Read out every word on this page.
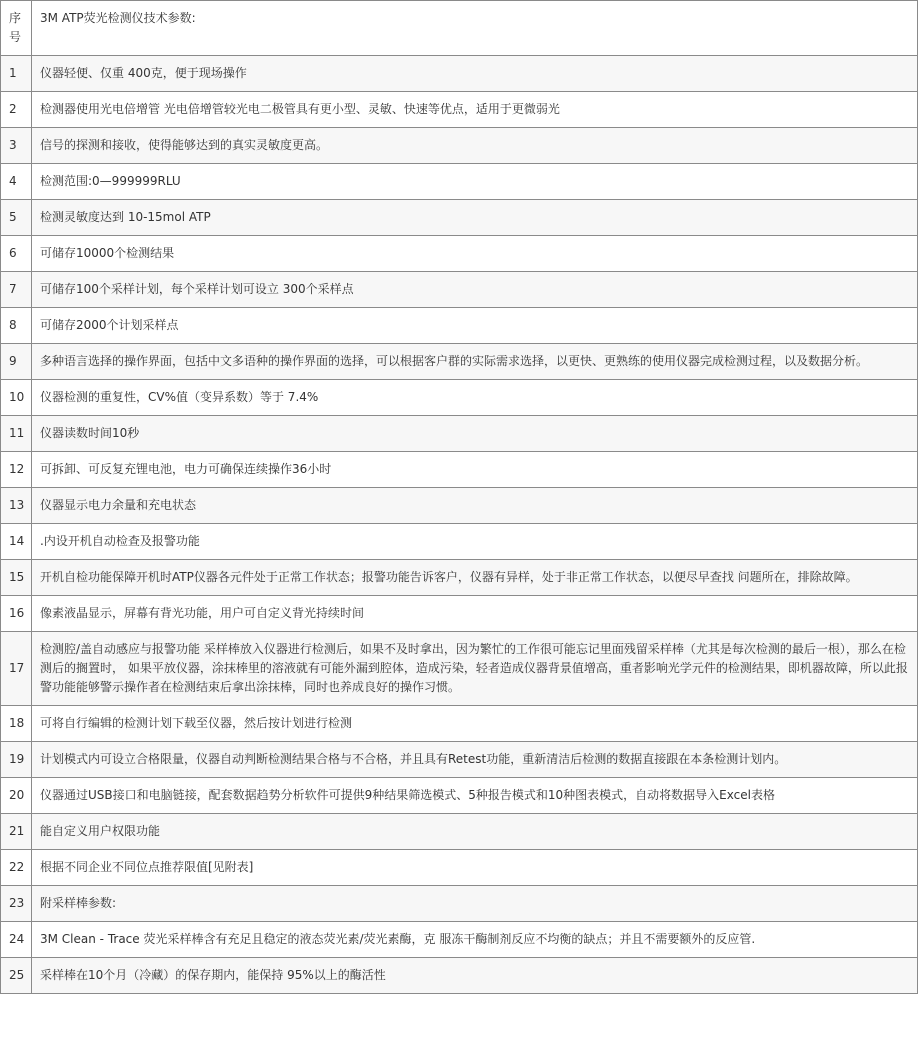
序号	3M ATP荧光检测仪技术参数:
1	仪器轻便、仅重 400克，便于现场操作
2	检测器使用光电倍增管 光电倍增管较光电二极管具有更小型、灵敏、快速等优点，适用于更微弱光
3	信号的探测和接收，使得能够达到的真实灵敏度更高。
4	检测范围:0—999999RLU
5	检测灵敏度达到 10-15mol ATP
6	可储存10000个检测结果
7	可储存100个采样计划，每个采样计划可设立 300个采样点
8	可储存2000个计划采样点
9	多种语言选择的操作界面，包括中文多语种的操作界面的选择，可以根据客户群的实际需求选择，以更快、更熟练的使用仪器完成检测过程，以及数据分析。
10	仪器检测的重复性，CV%值（变异系数）等于 7.4%
11	仪器读数时间10秒
12	可拆卸、可反复充锂电池，电力可确保连续操作36小时
13	仪器显示电力余量和充电状态
14	.内设开机自动检查及报警功能
15	开机自检功能保障开机时ATP仪器各元件处于正常工作状态；报警功能告诉客户，仪器有异样，处于非正常工作状态，以便尽早查找 问题所在，排除故障。
16	像素液晶显示，屏幕有背光功能，用户可自定义背光持续时间
17	检测腔/盖自动感应与报警功能 采样棒放入仪器进行检测后，如果不及时拿出，因为繁忙的工作很可能忘记里面残留采样棒（尤其是每次检测的最后一根），那么在检测后的搁置时， 如果平放仪器，涂抹棒里的溶液就有可能外漏到腔体，造成污染，轻者造成仪器背景值增高，重者影响光学元件的检测结果，即机器故障，所以此报警功能能够警示操作者在检测结束后拿出涂抹棒，同时也养成良好的操作习惯。
18	可将自行编辑的检测计划下载至仪器，然后按计划进行检测
19	计划模式内可设立合格限量，仪器自动判断检测结果合格与不合格，并且具有Retest功能，重新清洁后检测的数据直接跟在本条检测计划内。
20	仪器通过USB接口和电脑链接，配套数据趋势分析软件可提供9种结果筛选模式、5种报告模式和10种图表模式，自动将数据导入Excel表格
21	能自定义用户权限功能
22	根据不同企业不同位点推荐限值[见附表]
23	附采样棒参数:
24	3M Clean - Trace 荧光采样棒含有充足且稳定的液态荧光素/荧光素酶，克 服冻干酶制剂反应不均衡的缺点；并且不需要额外的反应管.
25	采样棒在10个月（冷藏）的保存期内，能保持 95%以上的酶活性
